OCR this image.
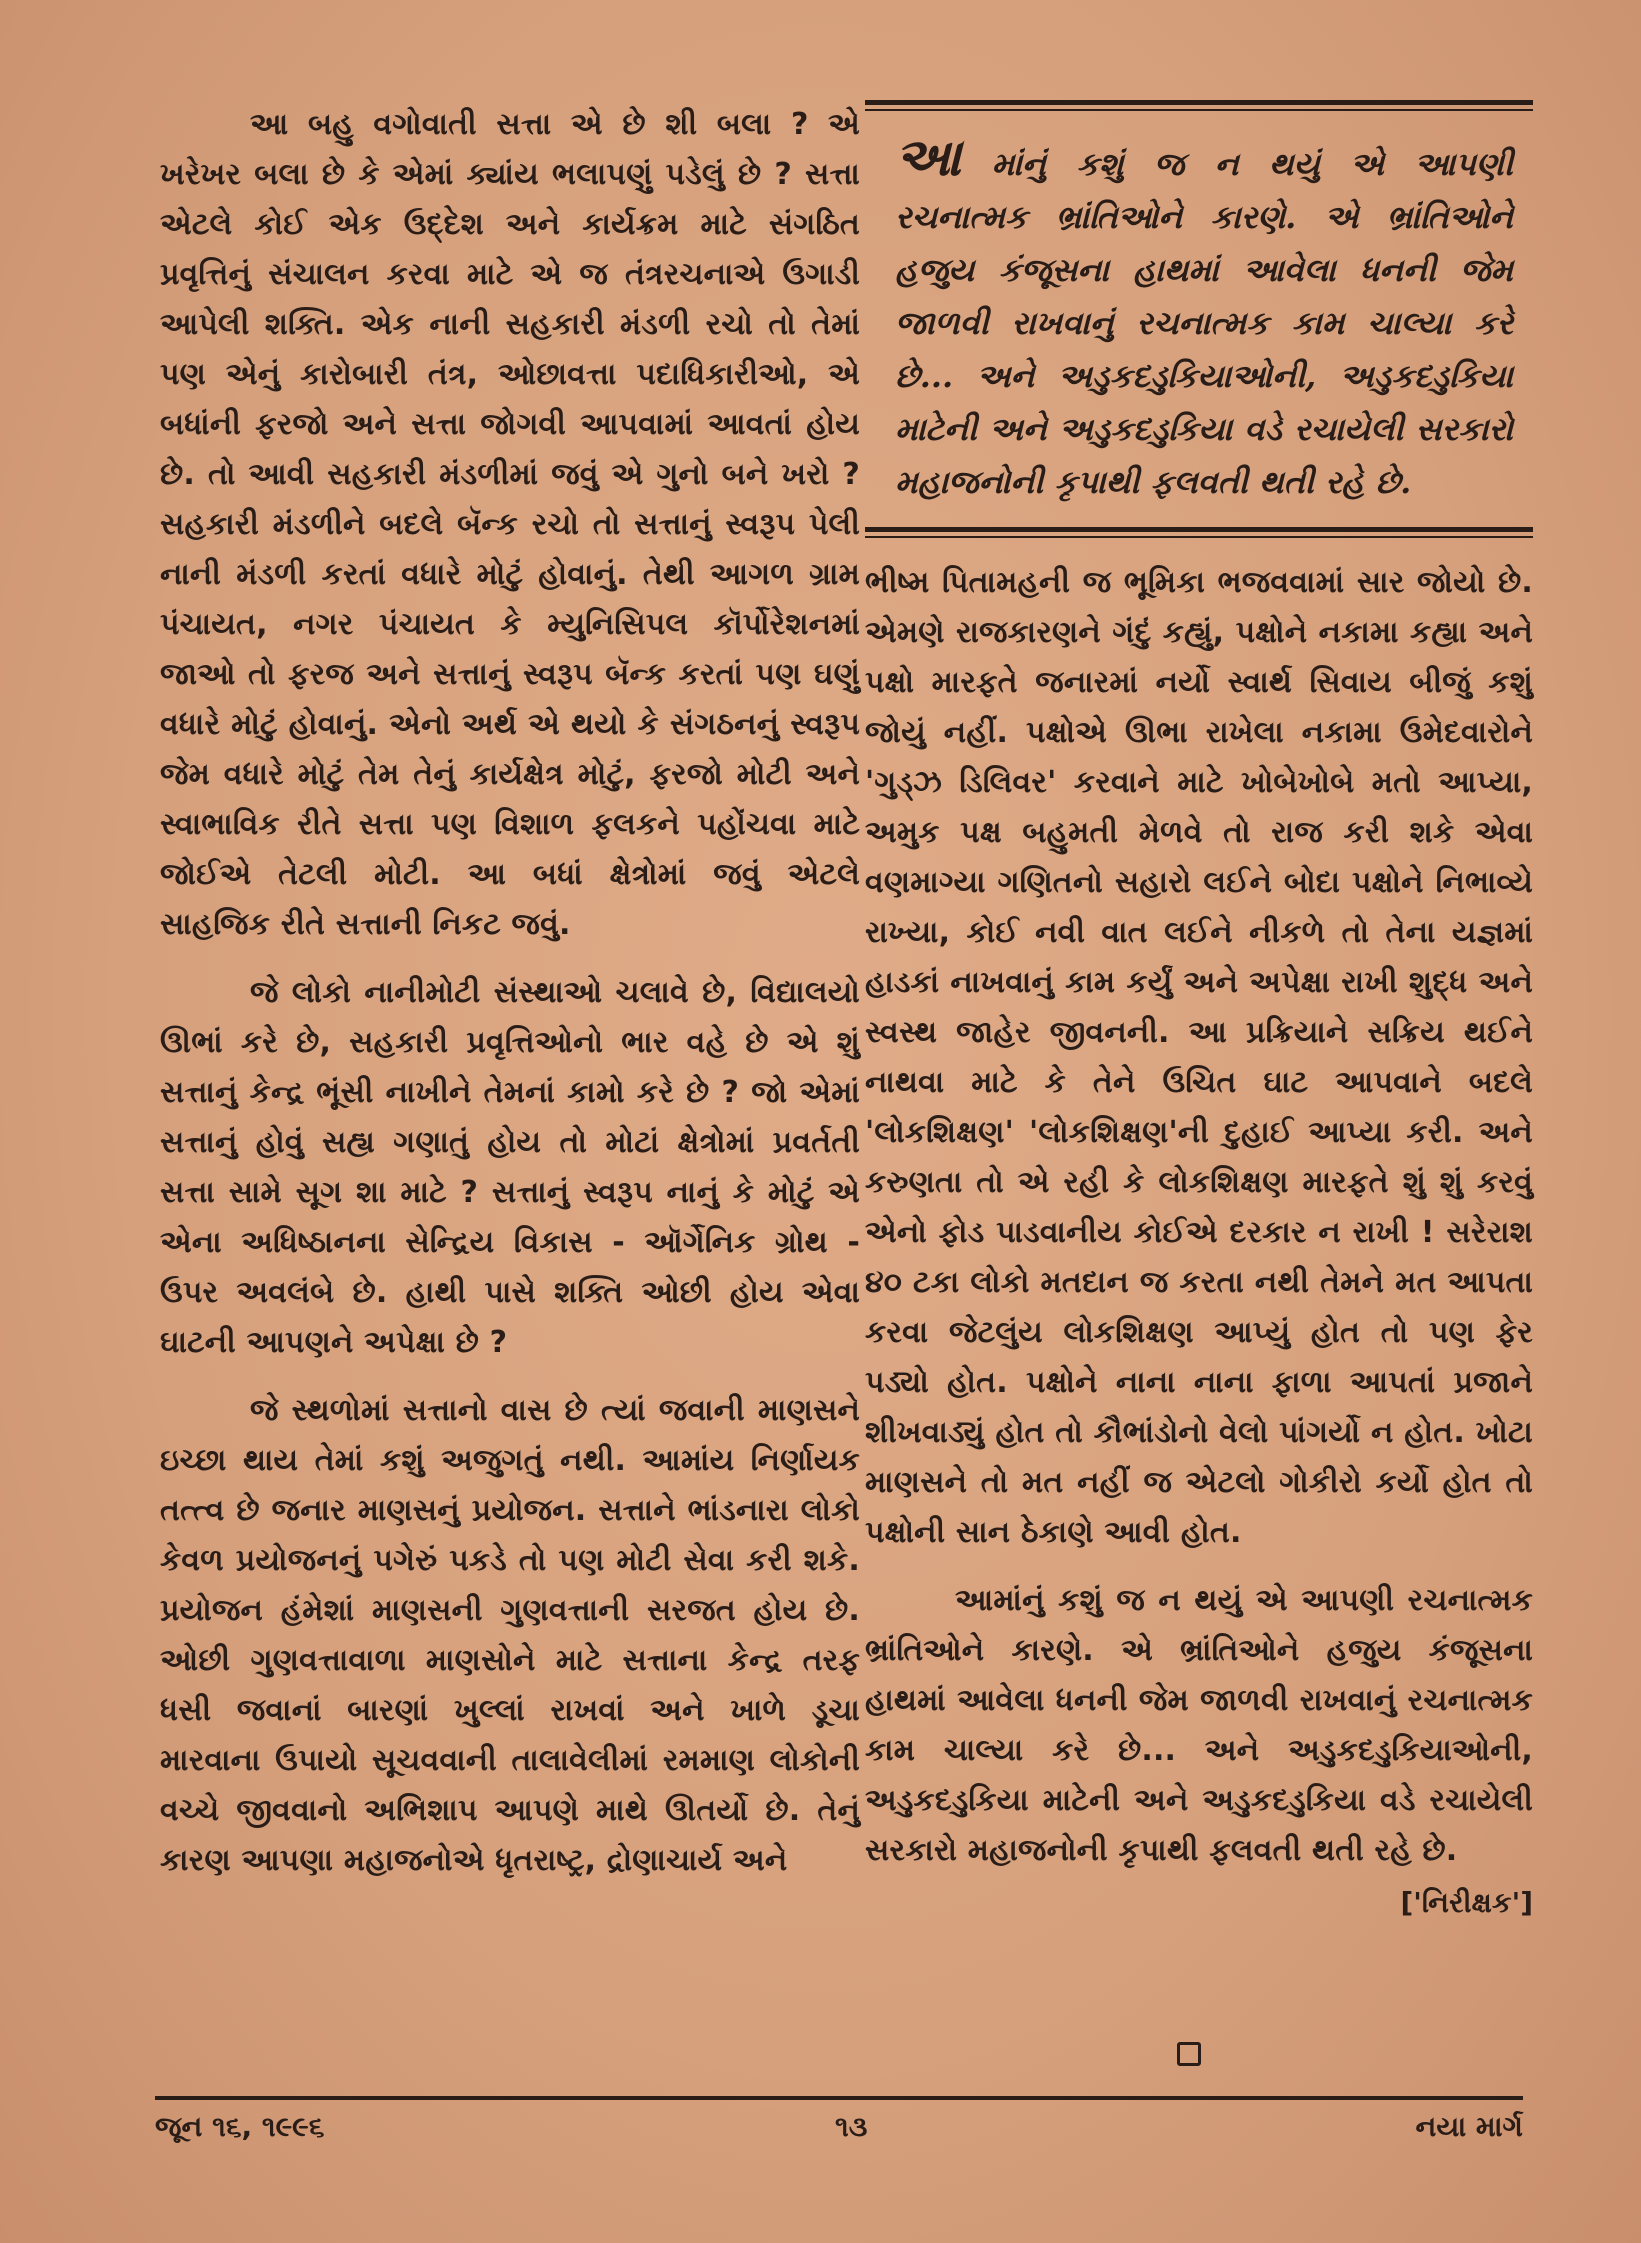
આ બહુ વગોવાતી સત્તા એ છે શી બલા ? એ ખરેખર બલા છે કે એમાં ક્યાંય ભલાપણું પડેલું છે ? સત્તા એટલે કોઈ એક ઉદ્દેશ અને કાર્યક્રમ માટે સંગઠિત પ્રવૃત્તિનું સંચાલન કરવા માટે એ જ તંત્રરચનાએ ઉગાડી આપેલી શક્તિ. એક નાની સહકારી મંડળી રચો તો તેમાં પણ એનું કારોબારી તંત્ર, ઓછાવત્તા પદાધિકારીઓ, એ બધાંની ફરજો અને સત્તા જોગવી આપવામાં આવતાં હોય છે. તો આવી સહકારી મંડળીમાં જવું એ ગુનો બને ખરો ? સહકારી મંડળીને બદલે બૅન્ક રચો તો સત્તાનું સ્વરૂપ પેલી નાની મંડળી કરતાં વધારે મોટું હોવાનું. તેથી આગળ ગ્રામ પંચાયત, નગર પંચાયત કે મ્યુનિસિપલ કૉર્પોરેશનમાં જાઓ તો ફરજ અને સત્તાનું સ્વરૂપ બૅન્ક કરતાં પણ ઘણું વધારે મોટું હોવાનું. એનો અર્થ એ થયો કે સંગઠનનું સ્વરૂપ જેમ વધારે મોટું તેમ તેનું કાર્યક્ષેત્ર મોટું, ફરજો મોટી અને સ્વાભાવિક રીતે સત્તા પણ વિશાળ ફલકને પહોંચવા માટે જોઈએ તેટલી મોટી. આ બધાં ક્ષેત્રોમાં જવું એટલે સાહજિક રીતે સત્તાની નિકટ જવું.

જે લોકો નાનીમોટી સંસ્થાઓ ચલાવે છે, વિદ્યાલયો ઊભાં કરે છે, સહકારી પ્રવૃત્તિઓનો ભાર વહે છે એ શું સત્તાનું કેન્દ્ર ભૂંસી નાખીને તેમનાં કામો કરે છે ? જો એમાં સત્તાનું હોવું સહ્ય ગણાતું હોય તો મોટાં ક્ષેત્રોમાં પ્રવર્તતી સત્તા સામે સૂગ શા માટે ? સત્તાનું સ્વરૂપ નાનું કે મોટું એ એના અધિષ્ઠાનના સેન્દ્રિય વિકાસ - ઑર્ગેનિક ગ્રોથ - ઉપર અવલંબે છે. હાથી પાસે શક્તિ ઓછી હોય એવા ઘાટની આપણને અપેક્ષા છે ?

જે સ્થળોમાં સત્તાનો વાસ છે ત્યાં જવાની માણસને ઇચ્છા થાય તેમાં કશું અજુગતું નથી. આમાંય નિર્ણાયક તત્ત્વ છે જનાર માણસનું પ્રયોજન. સત્તાને ભાંડનારા લોકો કેવળ પ્રયોજનનું પગેરું પકડે તો પણ મોટી સેવા કરી શકે. પ્રયોજન હંમેશાં માણસની ગુણવત્તાની સરજત હોય છે. ઓછી ગુણવત્તાવાળા માણસોને માટે સત્તાના કેન્દ્ર તરફ ધસી જવાનાં બારણાં ખુલ્લાં રાખવાં અને ખાળે ડૂચા મારવાના ઉપાયો સૂચવવાની તાલાવેલીમાં રમમાણ લોકોની વચ્ચે જીવવાનો અભિશાપ આપણે માથે ઊતર્યો છે. તેનું કારણ આપણા મહાજનોએ ધૃતરાષ્ટ્ર, દ્રોણાચાર્ય અને

આ માંનું કશું જ ન થયું એ આપણી રચનાત્મક ભ્રાંતિઓને કારણે. એ ભ્રાંતિઓને હજુય કંજૂસના હાથમાં આવેલા ધનની જેમ જાળવી રાખવાનું રચનાત્મક કામ ચાલ્યા કરે છે... અને અડુકદડુકિયાઓની, અડુકદડુકિયા માટેની અને અડુકદડુકિયા વડે રચાયેલી સરકારો મહાજનોની કૃપાથી ફલવતી થતી રહે છે.

ભીષ્મ પિતામહની જ ભૂમિકા ભજવવામાં સાર જોયો છે. એમણે રાજકારણને ગંદું કહ્યું, પક્ષોને નકામા કહ્યા અને પક્ષો મારફતે જનારમાં નર્યો સ્વાર્થ સિવાય બીજું કશું જોયું નહીં. પક્ષોએ ઊભા રાખેલા નકામા ઉમેદવારોને 'ગુડ્ઝ ડિલિવર' કરવાને માટે ખોબેખોબે મતો આપ્યા, અમુક પક્ષ બહુમતી મેળવે તો રાજ કરી શકે એવા વણમાગ્યા ગણિતનો સહારો લઈને બોદા પક્ષોને નિભાવ્યે રાખ્યા, કોઈ નવી વાત લઈને નીકળે તો તેના યજ્ઞમાં હાડકાં નાખવાનું કામ કર્યું અને અપેક્ષા રાખી શુદ્ધ અને સ્વસ્થ જાહેર જીવનની. આ પ્રક્રિયાને સક્રિય થઈને નાથવા માટે કે તેને ઉચિત ઘાટ આપવાને બદલે 'લોકશિક્ષણ' 'લોકશિક્ષણ'ની દુહાઈ આપ્યા કરી. અને કરુણતા તો એ રહી કે લોકશિક્ષણ મારફતે શું શું કરવું એનો ફોડ પાડવાનીય કોઈએ દરકાર ન રાખી ! સરેરાશ ૪૦ ટકા લોકો મતદાન જ કરતા નથી તેમને મત આપતા કરવા જેટલુંય લોકશિક્ષણ આપ્યું હોત તો પણ ફેર પડ્યો હોત. પક્ષોને નાના નાના ફાળા આપતાં પ્રજાને શીખવાડ્યું હોત તો કૌભાંડોનો વેલો પાંગર્યો ન હોત. ખોટા માણસને તો મત નહીં જ એટલો ગોકીરો કર્યો હોત તો પક્ષોની સાન ઠેકાણે આવી હોત.

આમાંનું કશું જ ન થયું એ આપણી રચનાત્મક ભ્રાંતિઓને કારણે. એ ભ્રાંતિઓને હજુય કંજૂસના હાથમાં આવેલા ધનની જેમ જાળવી રાખવાનું રચનાત્મક કામ ચાલ્યા કરે છે... અને અડુકદડુકિયાઓની, અડુકદડુકિયા માટેની અને અડુકદડુકિયા વડે રચાયેલી સરકારો મહાજનોની કૃપાથી ફલવતી થતી રહે છે.

['નિરીક્ષક']
જૂન ૧૬, ૧૯૯૬	૧૩	નયા માર્ગ
